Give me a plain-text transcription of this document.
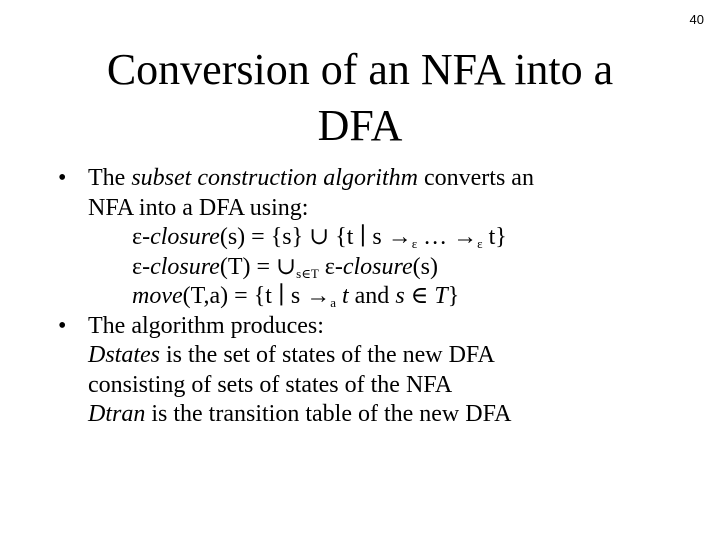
40
Conversion of an NFA into a
DFA
• The subset construction algorithm converts an
NFA into a DFA using:
ε-closure(s) = {s} ∪ {t ∣ $s \to_\varepsilon$ … $\to_\varepsilon$ t}
ε-closure(T) = $\cup_{s\in T}$ ε-closure(s)
move(T,a) = {t ∣ $s \to_a$ t and s ∈ T}
• The algorithm produces:
Dstates is the set of states of the new DFA
consisting of sets of states of the NFA
Dtran is the transition table of the new DFA
